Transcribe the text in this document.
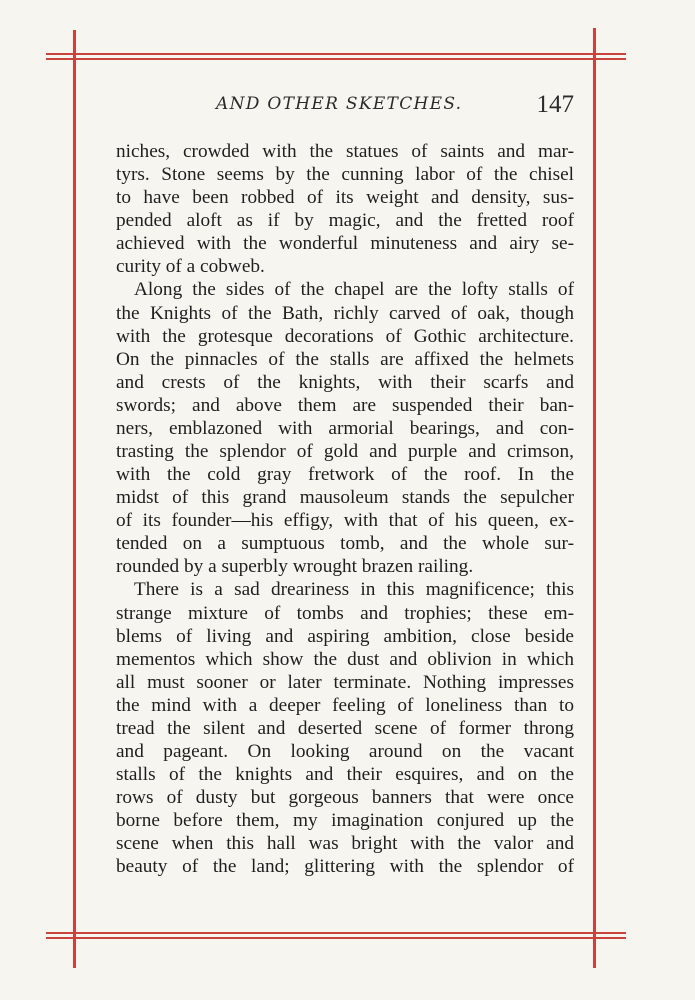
AND OTHER SKETCHES.	147
niches, crowded with the statues of saints and mar-
tyrs. Stone seems by the cunning labor of the chisel
to have been robbed of its weight and density, sus-
pended aloft as if by magic, and the fretted roof
achieved with the wonderful minuteness and airy se-
curity of a cobweb.
Along the sides of the chapel are the lofty stalls of
the Knights of the Bath, richly carved of oak, though
with the grotesque decorations of Gothic architecture.
On the pinnacles of the stalls are affixed the helmets
and crests of the knights, with their scarfs and
swords; and above them are suspended their ban-
ners, emblazoned with armorial bearings, and con-
trasting the splendor of gold and purple and crimson,
with the cold gray fretwork of the roof. In the
midst of this grand mausoleum stands the sepulcher
of its founder—his effigy, with that of his queen, ex-
tended on a sumptuous tomb, and the whole sur-
rounded by a superbly wrought brazen railing.
There is a sad dreariness in this magnificence; this
strange mixture of tombs and trophies; these em-
blems of living and aspiring ambition, close beside
mementos which show the dust and oblivion in which
all must sooner or later terminate. Nothing impresses
the mind with a deeper feeling of loneliness than to
tread the silent and deserted scene of former throng
and pageant. On looking around on the vacant
stalls of the knights and their esquires, and on the
rows of dusty but gorgeous banners that were once
borne before them, my imagination conjured up the
scene when this hall was bright with the valor and
beauty of the land; glittering with the splendor of
